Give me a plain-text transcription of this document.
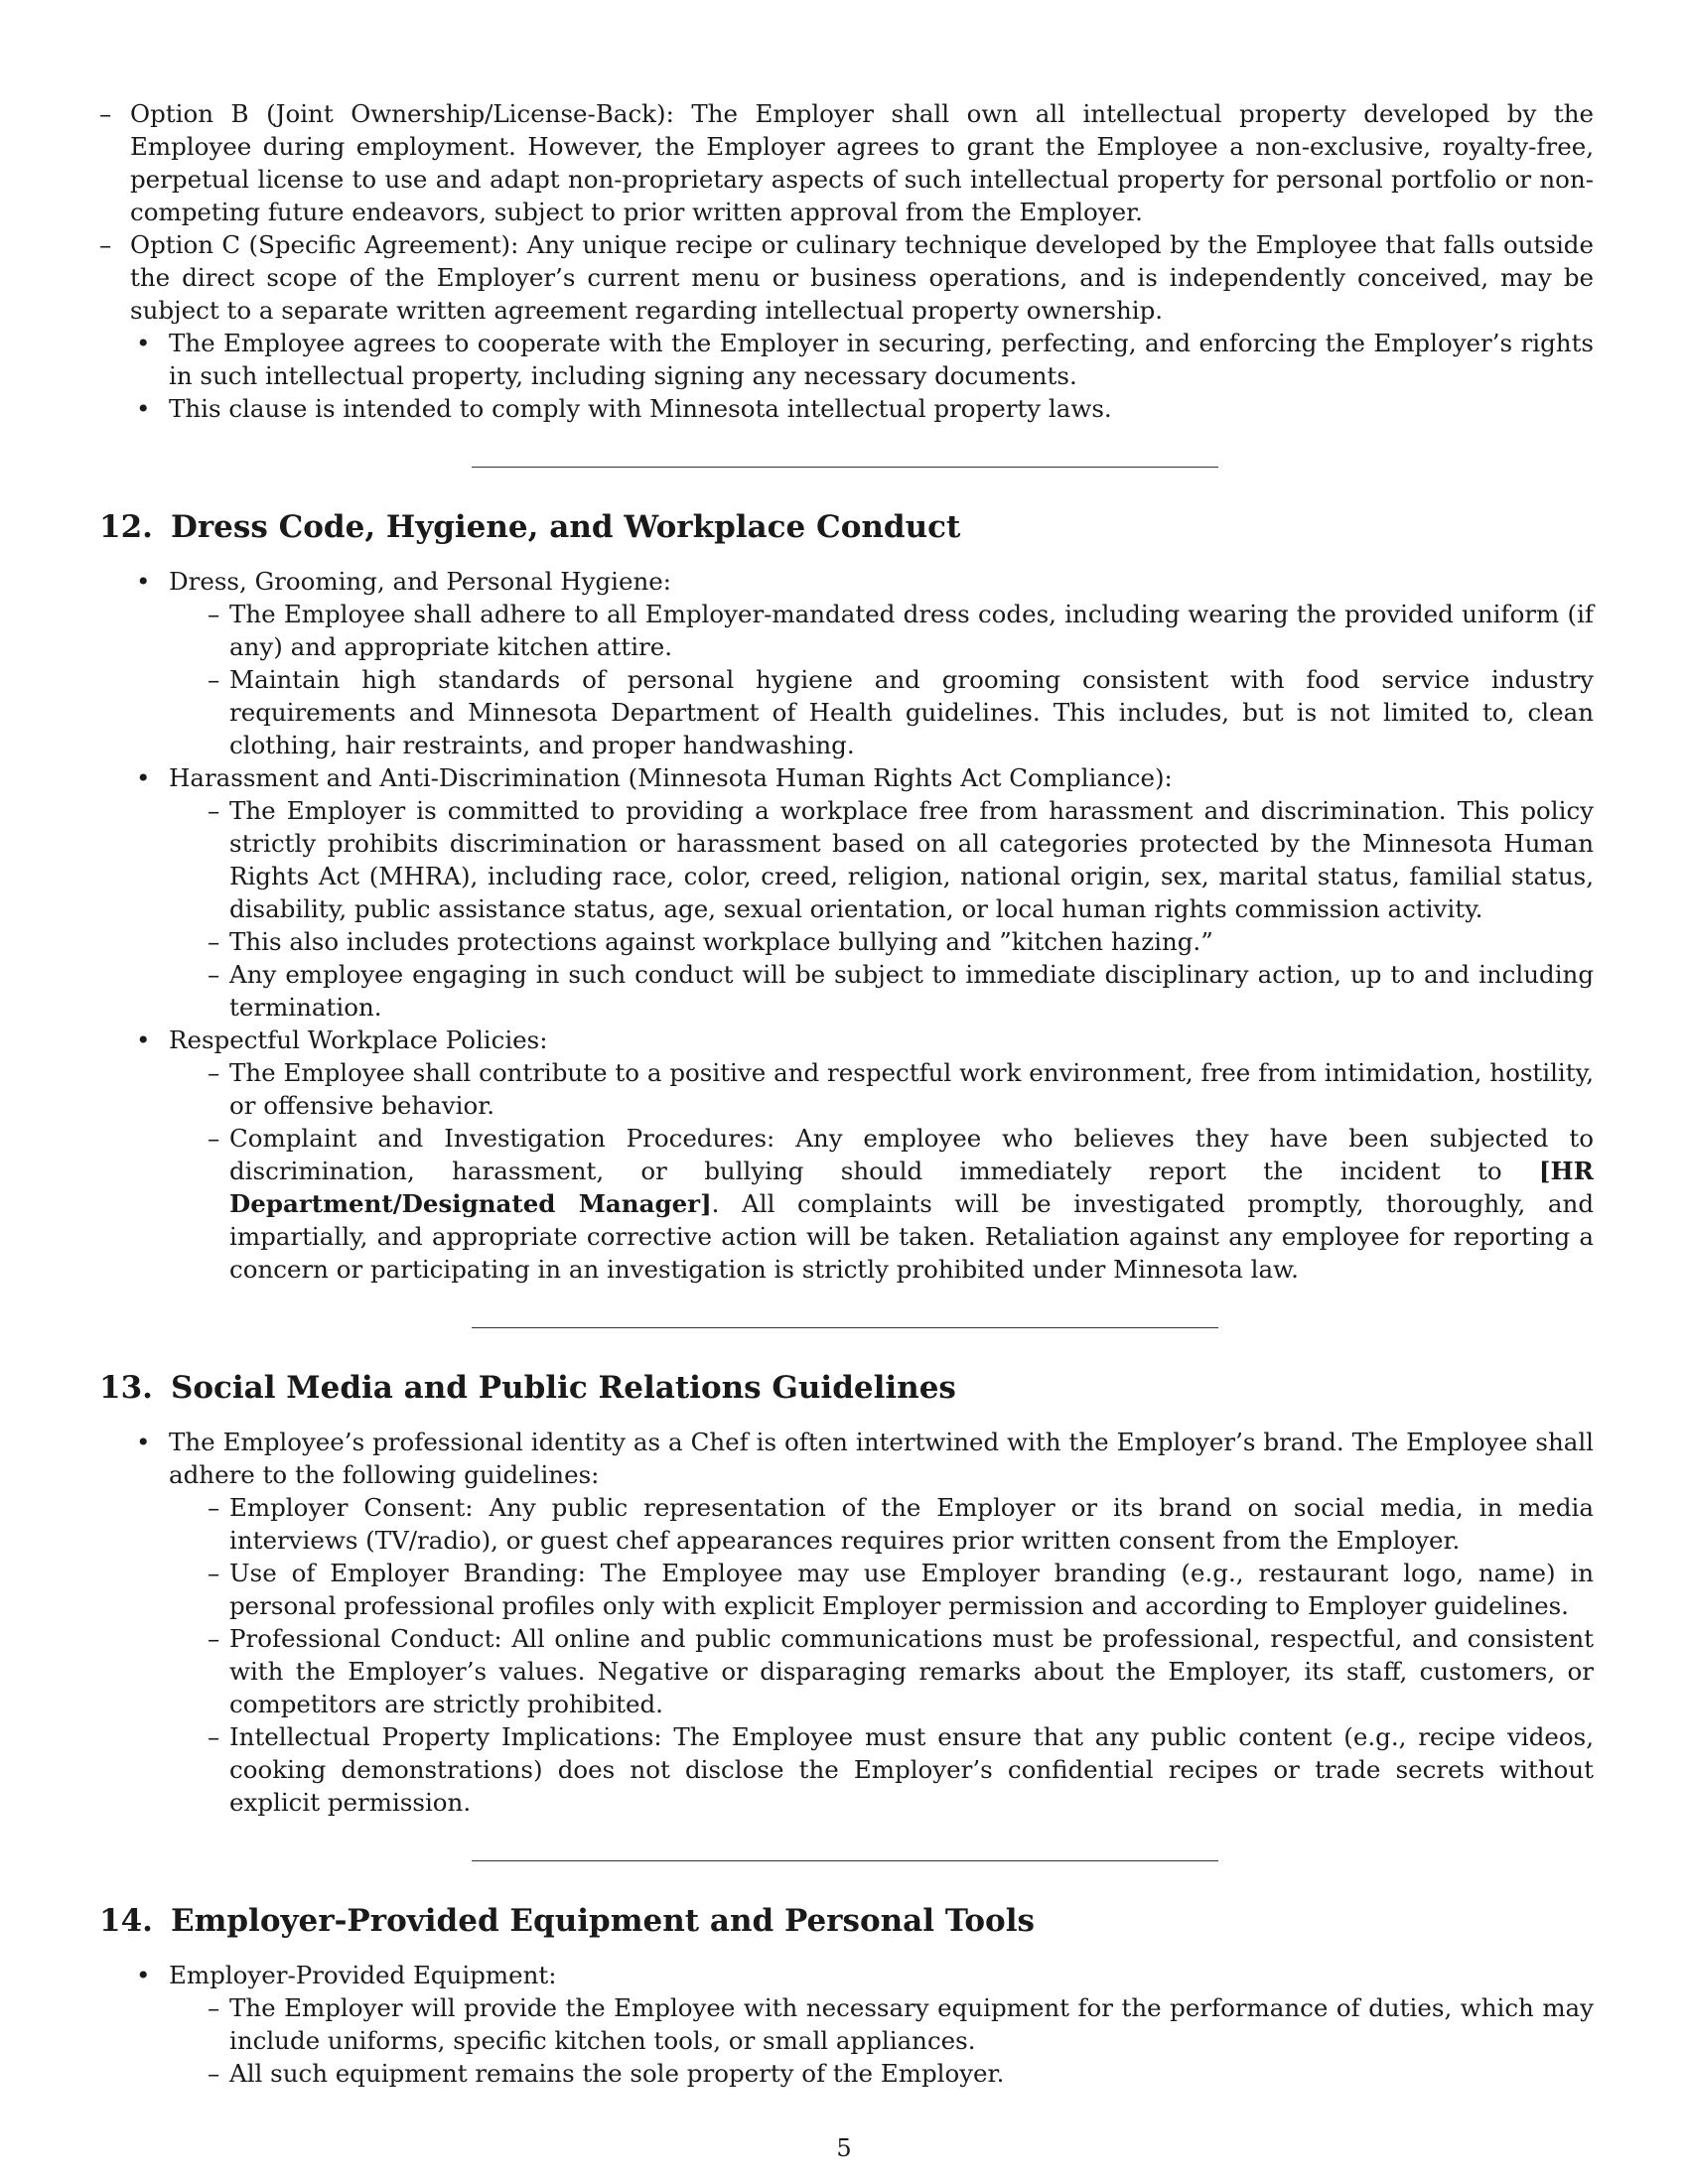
– Option B (Joint Ownership/License-Back): The Employer shall own all intellectual property developed by the Employee during employment. However, the Employer agrees to grant the Employee a non-exclusive, royalty-free, perpetual license to use and adapt non-proprietary aspects of such intellectual property for personal portfolio or non-competing future endeavors, subject to prior written approval from the Employer.
– Option C (Specific Agreement): Any unique recipe or culinary technique developed by the Employee that falls outside the direct scope of the Employer’s current menu or business operations, and is independently conceived, may be subject to a separate written agreement regarding intellectual property ownership.
• The Employee agrees to cooperate with the Employer in securing, perfecting, and enforcing the Employer’s rights in such intellectual property, including signing any necessary documents.
• This clause is intended to comply with Minnesota intellectual property laws.
12. Dress Code, Hygiene, and Workplace Conduct
• Dress, Grooming, and Personal Hygiene:
– The Employee shall adhere to all Employer-mandated dress codes, including wearing the provided uniform (if any) and appropriate kitchen attire.
– Maintain high standards of personal hygiene and grooming consistent with food service industry requirements and Minnesota Department of Health guidelines. This includes, but is not limited to, clean clothing, hair restraints, and proper handwashing.
• Harassment and Anti-Discrimination (Minnesota Human Rights Act Compliance):
– The Employer is committed to providing a workplace free from harassment and discrimination. This policy strictly prohibits discrimination or harassment based on all categories protected by the Minnesota Human Rights Act (MHRA), including race, color, creed, religion, national origin, sex, marital status, familial status, disability, public assistance status, age, sexual orientation, or local human rights commission activity.
– This also includes protections against workplace bullying and ”kitchen hazing.”
– Any employee engaging in such conduct will be subject to immediate disciplinary action, up to and including termination.
• Respectful Workplace Policies:
– The Employee shall contribute to a positive and respectful work environment, free from intimidation, hostility, or offensive behavior.
– Complaint and Investigation Procedures: Any employee who believes they have been subjected to discrimination, harassment, or bullying should immediately report the incident to [HR Department/Designated Manager]. All complaints will be investigated promptly, thoroughly, and impartially, and appropriate corrective action will be taken. Retaliation against any employee for reporting a concern or participating in an investigation is strictly prohibited under Minnesota law.
13. Social Media and Public Relations Guidelines
• The Employee’s professional identity as a Chef is often intertwined with the Employer’s brand. The Employee shall adhere to the following guidelines:
– Employer Consent: Any public representation of the Employer or its brand on social media, in media interviews (TV/radio), or guest chef appearances requires prior written consent from the Employer.
– Use of Employer Branding: The Employee may use Employer branding (e.g., restaurant logo, name) in personal professional profiles only with explicit Employer permission and according to Employer guidelines.
– Professional Conduct: All online and public communications must be professional, respectful, and consistent with the Employer’s values. Negative or disparaging remarks about the Employer, its staff, customers, or competitors are strictly prohibited.
– Intellectual Property Implications: The Employee must ensure that any public content (e.g., recipe videos, cooking demonstrations) does not disclose the Employer’s confidential recipes or trade secrets without explicit permission.
14. Employer-Provided Equipment and Personal Tools
• Employer-Provided Equipment:
– The Employer will provide the Employee with necessary equipment for the performance of duties, which may include uniforms, specific kitchen tools, or small appliances.
– All such equipment remains the sole property of the Employer.
5
